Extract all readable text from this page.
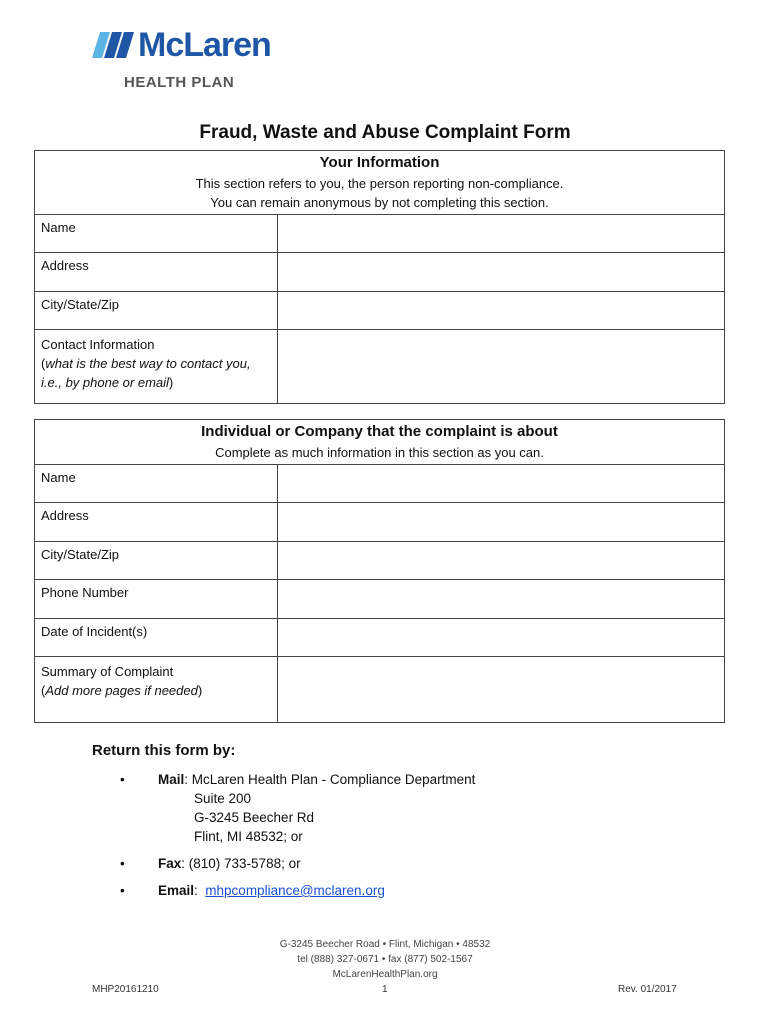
McLaren
HEALTH PLAN
Fraud, Waste and Abuse Complaint Form
Your Information
This section refers to you, the person reporting non-compliance.
You can remain anonymous by not completing this section.	

Name	
Address	
City/State/Zip	
Contact Information
(what is the best way to contact you, i.e., by phone or email)	
Individual or Company that the complaint is about
Complete as much information in this section as you can.	

Name	
Address	
City/State/Zip	
Phone Number	
Date of Incident(s)	
Summary of Complaint
(Add more pages if needed)	
Return this form by:
• Mail: McLaren Health Plan - Compliance Department
Suite 200
G-3245 Beecher Rd
Flint, MI 48532; or
• Fax: (810) 733-5788; or
• Email:  mhpcompliance@mclaren.org
G-3245 Beecher Road • Flint, Michigan • 48532
tel (888) 327-0671 • fax (877) 502-1567
McLarenHealthPlan.org
MHP20161210	1	Rev. 01/2017
